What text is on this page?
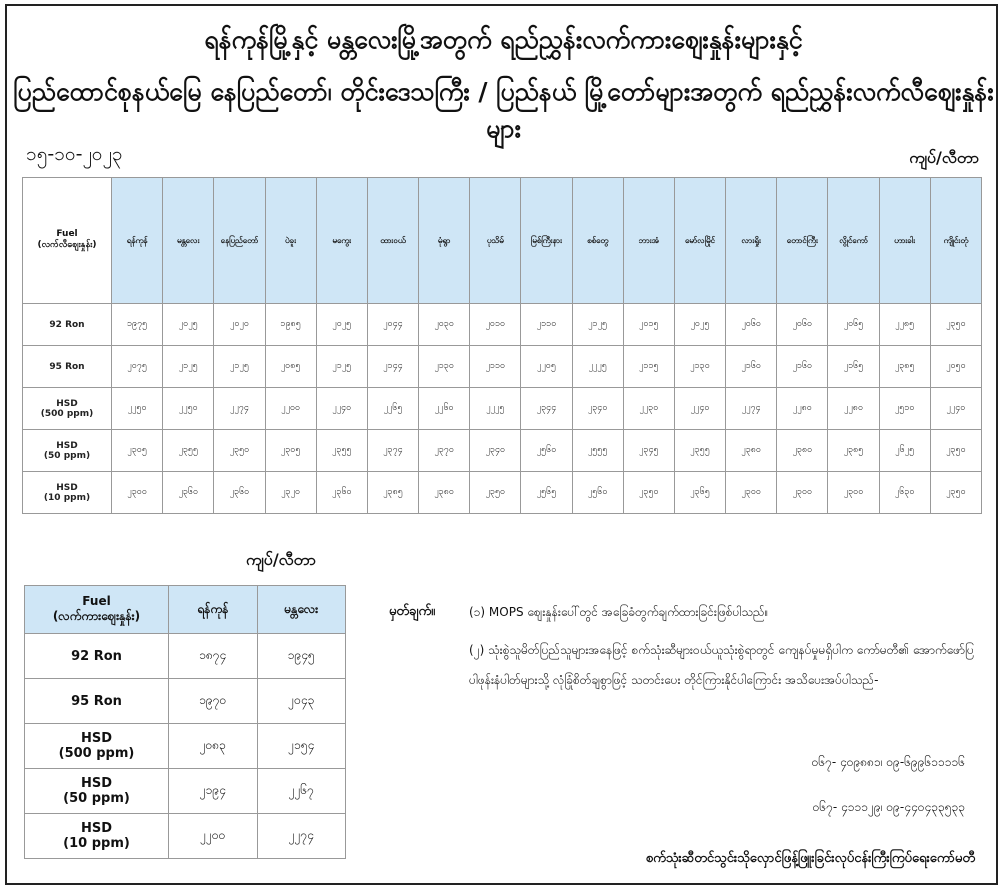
ရန်ကုန်မြို့နှင့် မန္တလေးမြို့အတွက် ရည်ညွှန်းလက်ကားဈေးနှုန်းများနှင့်
ပြည်ထောင်စုနယ်မြေ နေပြည်တော်၊ တိုင်းဒေသကြီး / ပြည်နယ် မြို့တော်များအတွက် ရည်ညွှန်းလက်လီဈေးနှုန်းများ
၁၅-၁၀-၂၀၂၃	ကျပ်/လီတာ
Fuel
(လက်လီဈေးနှုန်း)	ရန်ကုန်	မန္တလေး	နေပြည်တော်	ပဲခူး	မကွေး	ထားဝယ်	မုံရွာ	ပုသိမ်	မြစ်ကြီးနား	စစ်တွေ	ဘားအံ	မော်လမြိုင်	လားရှိုး	တောင်ကြီး	လွိုင်ကော်	ဟားခါး	ကျိုင်းတုံ

92 Ron	၁၉၇၅	၂၀၂၅	၂၀၂၀	၁၉၈၅	၂၀၂၅	၂၀၄၄	၂၀၃၀	၂၀၁၀	၂၁၁၀	၂၁၂၅	၂၀၁၅	၂၀၂၅	၂၀၆၀	၂၀၆၀	၂၀၆၅	၂၂၈၅	၂၃၅၀

95 Ron	၂၀၇၅	၂၁၂၅	၂၁၂၅	၂၀၈၅	၂၁၂၅	၂၁၄၄	၂၁၃၀	၂၁၁၀	၂၂၀၅	၂၂၂၅	၂၁၁၅	၂၁၃၀	၂၁၆၀	၂၁၆၀	၂၁၆၅	၂၃၈၅	၂၀၅၀

HSD
(500 ppm)	၂၂၅၀	၂၂၅၀	၂၂၇၄	၂၂၀၀	၂၂၄၀	၂၂၆၅	၂၂၆၀	၂၂၂၅	၂၃၄၄	၂၃၄၀	၂၂၃၀	၂၂၄၀	၂၂၇၄	၂၂၈၀	၂၂၈၀	၂၅၁၀	၂၂၄၀

HSD
(50 ppm)	၂၃၀၅	၂၃၅၅	၂၃၅၀	၂၃၀၅	၂၃၅၅	၂၃၇၄	၂၃၇၀	၂၃၄၀	၂၅၆၀	၂၅၅၅	၂၃၄၅	၂၃၅၅	၂၃၈၀	၂၃၈၀	၂၃၈၅	၂၆၂၅	၂၃၅၀

HSD
(10 ppm)	၂၃၀၀	၂၃၆၀	၂၃၆၀	၂၃၂၀	၂၃၆၀	၂၃၈၅	၂၃၈၀	၂၃၅၀	၂၅၆၅	၂၅၆၀	၂၃၅၀	၂၃၆၅	၂၃၀၀	၂၃၀၀	၂၃၀၀	၂၆၃၀	၂၃၅၀
ကျပ်/လီတာ
Fuel
(လက်ကားဈေးနှုန်း)	ရန်ကုန်	မန္တလေး

92 Ron	၁၈၇၄	၁၉၄၅

95 Ron	၁၉၇၀	၂၀၄၃

HSD
(500 ppm)	၂၀၈၃	၂၁၅၄

HSD
(50 ppm)	၂၁၉၄	၂၂၆၇

HSD
(10 ppm)	၂၂၀၀	၂၂၇၄
မှတ်ချက်။	(၁) MOPS ဈေးနှုန်းပေါ်တွင် အခြေခံတွက်ချက်ထားခြင်းဖြစ်ပါသည်။
(၂) သုံးစွဲသူမိတ်ပြည်သူများအနေဖြင့် စက်သုံးဆီများဝယ်ယူသုံးစွဲရာတွင် ကျေနပ်မှုမရှိပါက ကော်မတီ၏ အောက်ဖော်ပြပါဖုန်းနံပါတ်များသို့ လုံခြုံစိတ်ချစွာဖြင့် သတင်းပေး တိုင်ကြားနိုင်ပါကြောင်း အသိပေးအပ်ပါသည်-
၀၆၇- ၄၀၉၈၈၁၊ ၀၉-၆၉၉၆၁၁၁၁၆
၀၆၇- ၄၁၁၁၂၉၊ ၀၉-၄၄၀၄၃၃၅၃၃
စက်သုံးဆီတင်သွင်းသိုလှောင်ဖြန့်ဖြူးခြင်းလုပ်ငန်းကြီးကြပ်ရေးကော်မတီ
